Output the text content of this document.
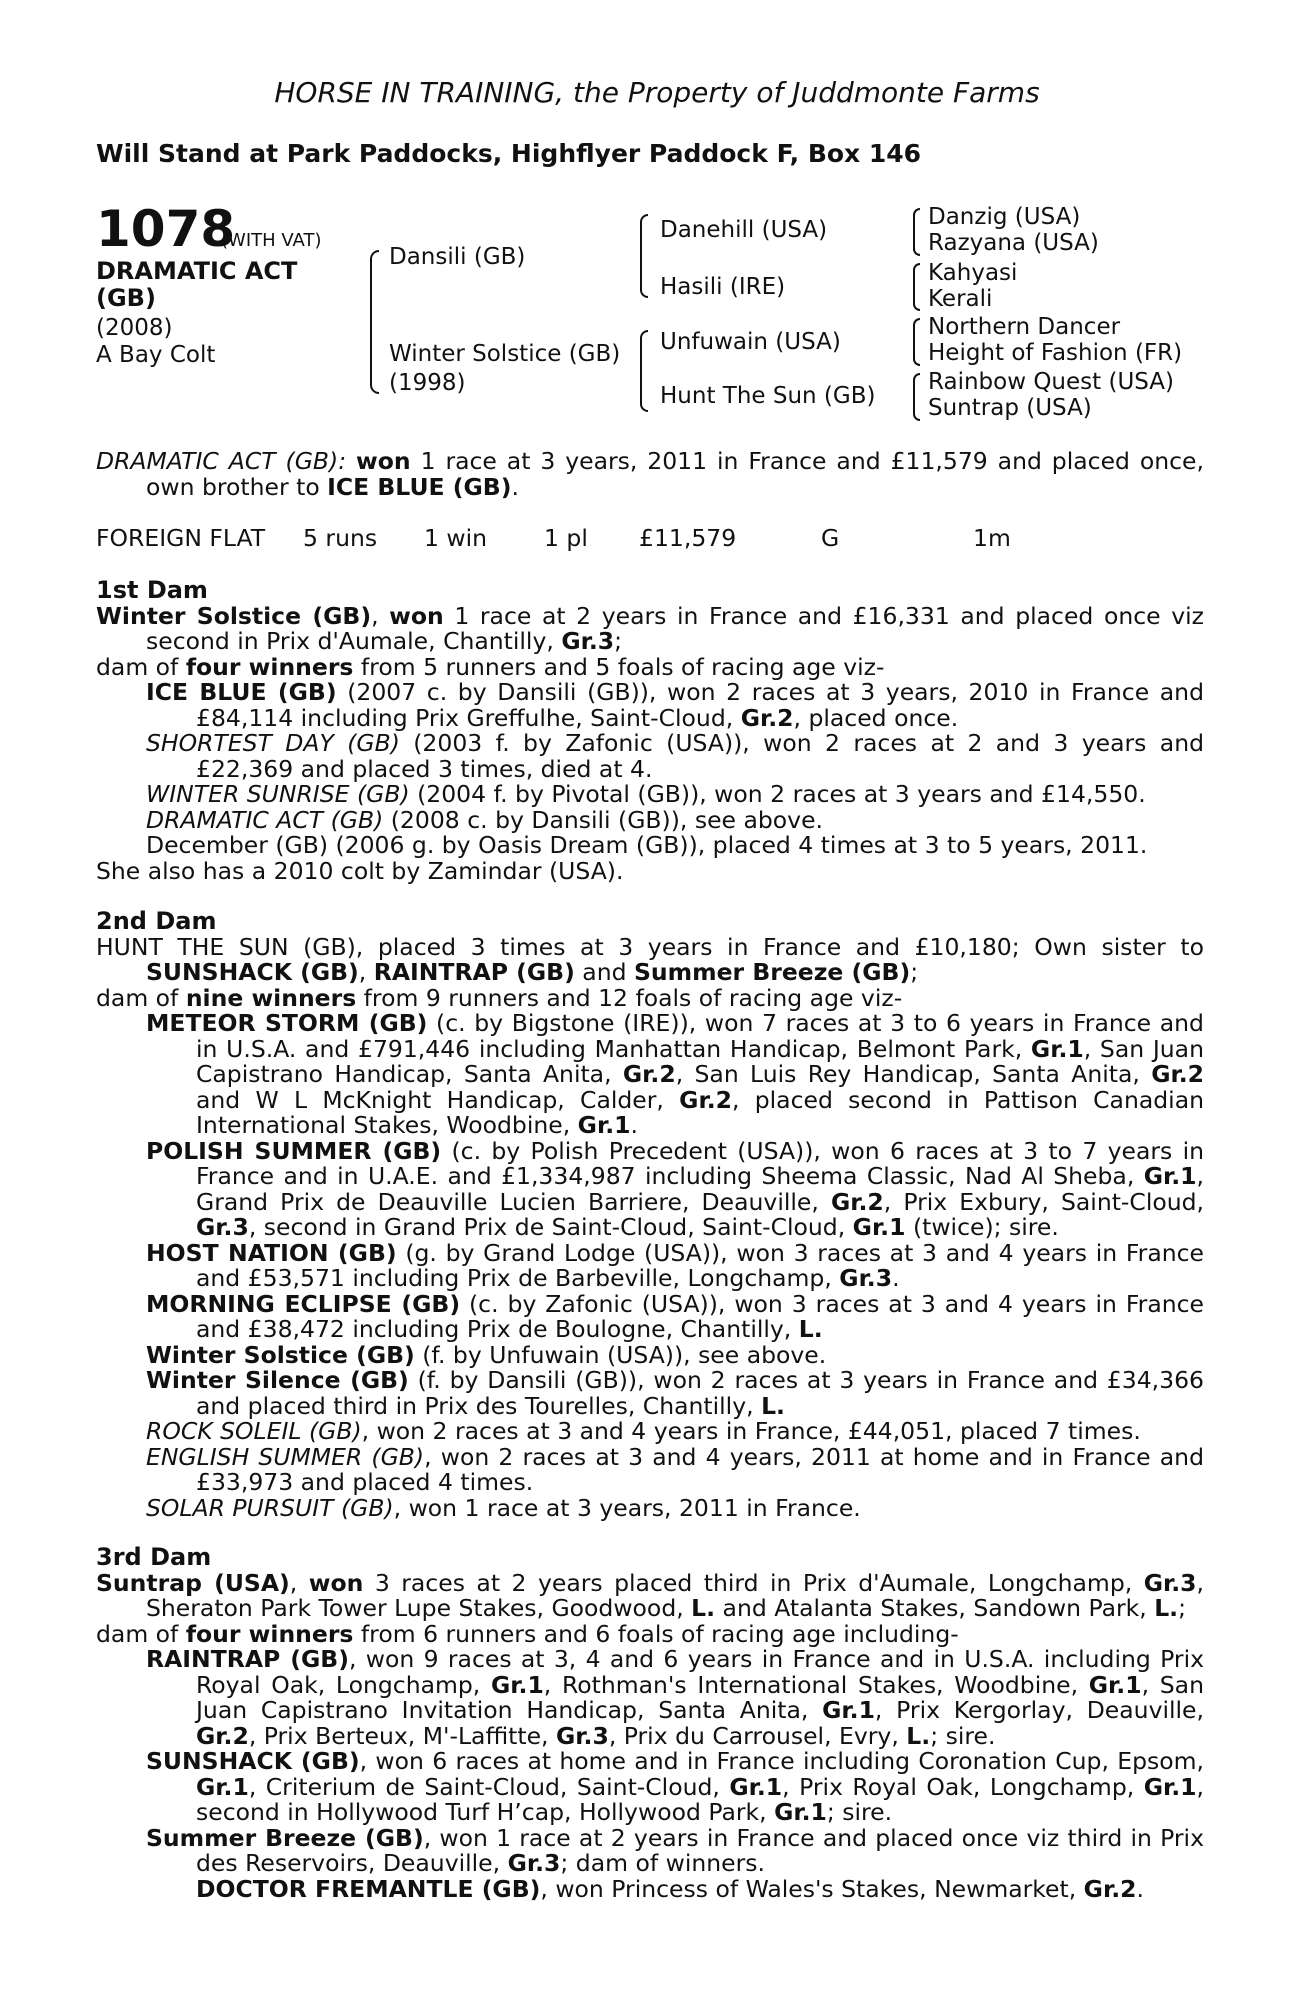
HORSE IN TRAINING, the Property of Juddmonte Farms
Will Stand at Park Paddocks, Highflyer Paddock F, Box 146
1078
(WITH VAT)
DRAMATIC ACT
(GB)
(2008)
A Bay Colt
Dansili (GB)
Winter Solstice (GB)
(1998)
Danehill (USA)
Hasili (IRE)
Unfuwain (USA)
Hunt The Sun (GB)
Danzig (USA)
Razyana (USA)
Kahyasi
Kerali
Northern Dancer
Height of Fashion (FR)
Rainbow Quest (USA)
Suntrap (USA)

DRAMATIC ACT (GB): won 1 race at 3 years, 2011 in France and £11,579 and placed once, own brother to ICE BLUE (GB).

FOREIGN FLAT 5 runs 1 win 1 pl £11,579	G	1m
1st Dam

Winter Solstice (GB), won 1 race at 2 years in France and £16,331 and placed once viz second in Prix d'Aumale, Chantilly, Gr.3;

dam of four winners from 5 runners and 5 foals of racing age viz-

ICE BLUE (GB) (2007 c. by Dansili (GB)), won 2 races at 3 years, 2010 in France and £84,114 including Prix Greffulhe, Saint-Cloud, Gr.2, placed once.

SHORTEST DAY (GB) (2003 f. by Zafonic (USA)), won 2 races at 2 and 3 years and £22,369 and placed 3 times, died at 4.

WINTER SUNRISE (GB) (2004 f. by Pivotal (GB)), won 2 races at 3 years and £14,550.

DRAMATIC ACT (GB) (2008 c. by Dansili (GB)), see above.

December (GB) (2006 g. by Oasis Dream (GB)), placed 4 times at 3 to 5 years, 2011.

She also has a 2010 colt by Zamindar (USA).

2nd Dam

HUNT THE SUN (GB), placed 3 times at 3 years in France and £10,180; Own sister to SUNSHACK (GB), RAINTRAP (GB) and Summer Breeze (GB);

dam of nine winners from 9 runners and 12 foals of racing age viz-

METEOR STORM (GB) (c. by Bigstone (IRE)), won 7 races at 3 to 6 years in France and in U.S.A. and £791,446 including Manhattan Handicap, Belmont Park, Gr.1, San Juan Capistrano Handicap, Santa Anita, Gr.2, San Luis Rey Handicap, Santa Anita, Gr.2 and W L McKnight Handicap, Calder, Gr.2, placed second in Pattison Canadian International Stakes, Woodbine, Gr.1.

POLISH SUMMER (GB) (c. by Polish Precedent (USA)), won 6 races at 3 to 7 years in France and in U.A.E. and £1,334,987 including Sheema Classic, Nad Al Sheba, Gr.1, Grand Prix de Deauville Lucien Barriere, Deauville, Gr.2, Prix Exbury, Saint-Cloud, Gr.3, second in Grand Prix de Saint-Cloud, Saint-Cloud, Gr.1 (twice); sire.

HOST NATION (GB) (g. by Grand Lodge (USA)), won 3 races at 3 and 4 years in France and £53,571 including Prix de Barbeville, Longchamp, Gr.3.

MORNING ECLIPSE (GB) (c. by Zafonic (USA)), won 3 races at 3 and 4 years in France and £38,472 including Prix de Boulogne, Chantilly, L.

Winter Solstice (GB) (f. by Unfuwain (USA)), see above.

Winter Silence (GB) (f. by Dansili (GB)), won 2 races at 3 years in France and £34,366 and placed third in Prix des Tourelles, Chantilly, L.

ROCK SOLEIL (GB), won 2 races at 3 and 4 years in France, £44,051, placed 7 times.

ENGLISH SUMMER (GB), won 2 races at 3 and 4 years, 2011 at home and in France and £33,973 and placed 4 times.

SOLAR PURSUIT (GB), won 1 race at 3 years, 2011 in France.

3rd Dam

Suntrap (USA), won 3 races at 2 years placed third in Prix d'Aumale, Longchamp, Gr.3, Sheraton Park Tower Lupe Stakes, Goodwood, L. and Atalanta Stakes, Sandown Park, L.;

dam of four winners from 6 runners and 6 foals of racing age including-

RAINTRAP (GB), won 9 races at 3, 4 and 6 years in France and in U.S.A. including Prix Royal Oak, Longchamp, Gr.1, Rothman's International Stakes, Woodbine, Gr.1, San Juan Capistrano Invitation Handicap, Santa Anita, Gr.1, Prix Kergorlay, Deauville, Gr.2, Prix Berteux, M'-Laffitte, Gr.3, Prix du Carrousel, Evry, L.; sire.

SUNSHACK (GB), won 6 races at home and in France including Coronation Cup, Epsom, Gr.1, Criterium de Saint-Cloud, Saint-Cloud, Gr.1, Prix Royal Oak, Longchamp, Gr.1, second in Hollywood Turf H’cap, Hollywood Park, Gr.1; sire.

Summer Breeze (GB), won 1 race at 2 years in France and placed once viz third in Prix des Reservoirs, Deauville, Gr.3; dam of winners.

DOCTOR FREMANTLE (GB), won Princess of Wales's Stakes, Newmarket, Gr.2.
